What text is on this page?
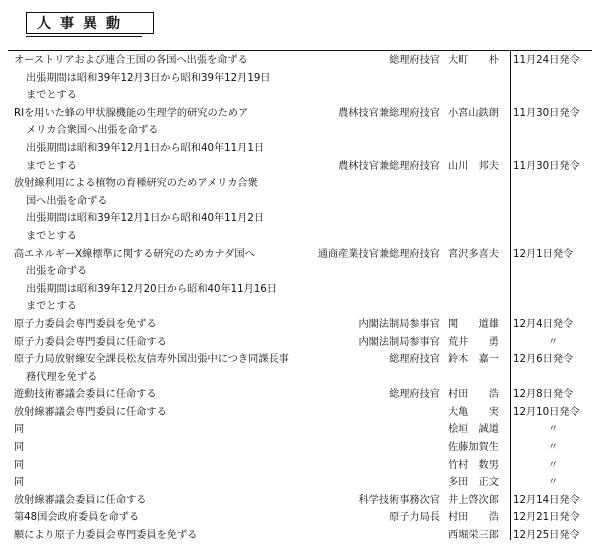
人事異動
オーストリアおよび連合王国の各国へ出張を命ずる	総理府技官 大町　　朴 11月24日発令
出張期間は昭和39年12月3日から昭和39年12月19日
までとする
RIを用いた蜂の甲状腺機能の生理学的研究のためア	農林技官兼総理府技官 小宮山鉄朗 11月30日発令
メリカ合衆国へ出張を命ずる
出張期間は昭和39年12月1日から昭和40年11月1日
までとする	農林技官兼総理府技官 山川　邦夫 11月30日発令
放射線利用による植物の育種研究のためアメリカ合衆
国へ出張を命ずる
出張期間は昭和39年12月1日から昭和40年11月2日
までとする
高エネルギーX線標準に関する研究のためカナダ国へ	通商産業技官兼総理府技官 宮沢多喜夫 12月1日発令
出張を命ずる
出張期間は昭和39年12月20日から昭和40年11月16日
までとする
原子力委員会専門委員を免ずる	内閣法制局参事官 関　　道雄 12月4日発令
原子力委員会専門委員に任命する	内閣法制局参事官 荒井　　勇	〃
原子力局放射線安全課長松友信寿外国出張中につき同課長事	総理府技官 鈴木　嘉一 12月6日発令
務代理を免ずる
遊動技術審議会委員に任命する	総理府技官 村田　　浩 12月8日発令
放射線審議会専門委員に任命する	大亀　　実 12月10日発令
同	桧垣　誠道	〃
同	佐藤加賀生	〃
同	竹村　数男	〃
同	多田　正文	〃
放射線審議会委員に任命する	科学技術事務次官 井上啓次郎 12月14日発令
第48国会政府委員を命ずる	原子力局長 村田　　浩 12月21日発令
願により原子力委員会専門委員を免ずる	西堀栄三郎 12月25日発令
